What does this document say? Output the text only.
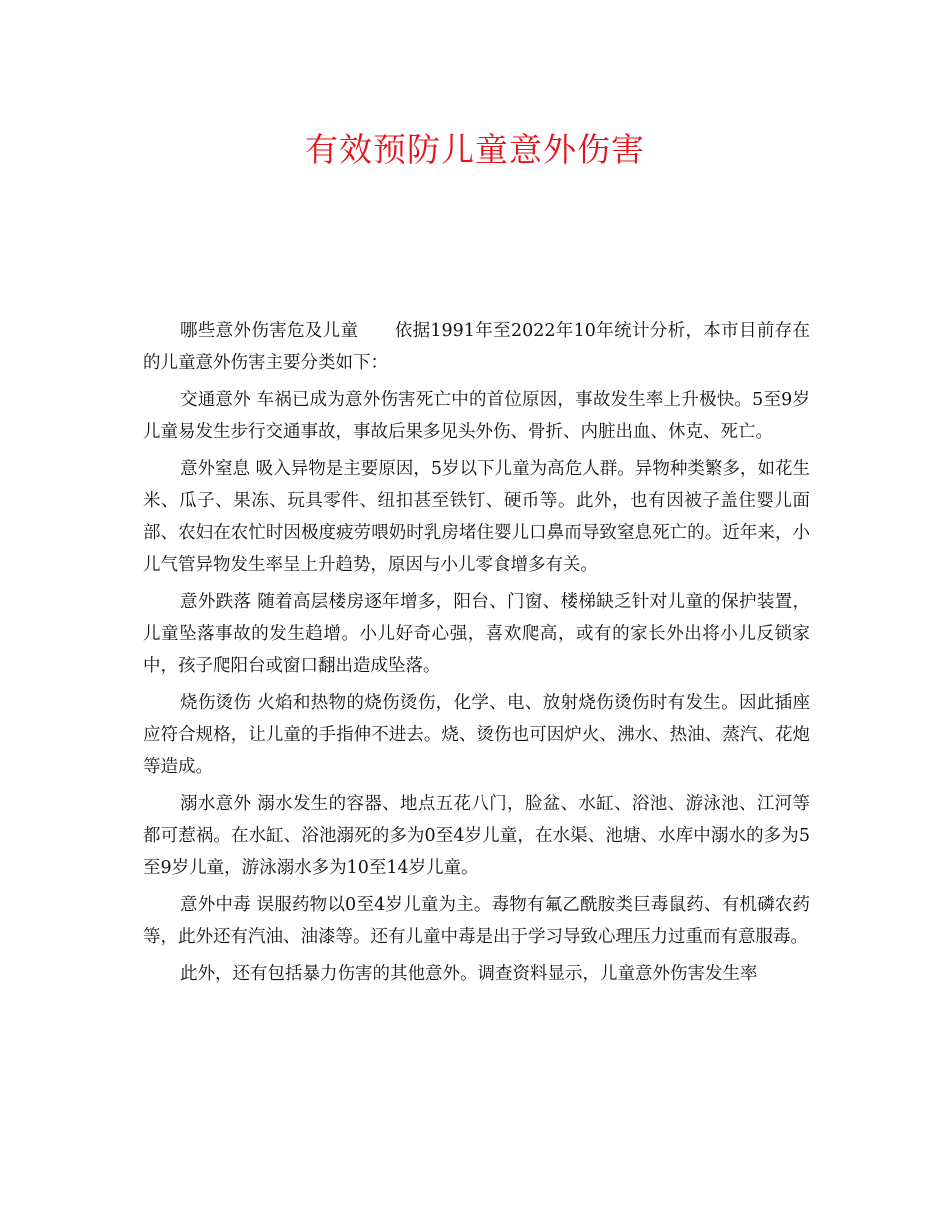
有效预防儿童意外伤害

哪些意外伤害危及儿童 依据1991年至2022年10年统计分析，本市目前存在的儿童意外伤害主要分类如下：

交通意外 车祸已成为意外伤害死亡中的首位原因，事故发生率上升极快。5至9岁儿童易发生步行交通事故，事故后果多见头外伤、骨折、内脏出血、休克、死亡。

意外窒息 吸入异物是主要原因，5岁以下儿童为高危人群。异物种类繁多，如花生米、瓜子、果冻、玩具零件、纽扣甚至铁钉、硬币等。此外，也有因被子盖住婴儿面部、农妇在农忙时因极度疲劳喂奶时乳房堵住婴儿口鼻而导致窒息死亡的。近年来，小儿气管异物发生率呈上升趋势，原因与小儿零食增多有关。

意外跌落 随着高层楼房逐年增多，阳台、门窗、楼梯缺乏针对儿童的保护装置，儿童坠落事故的发生趋增。小儿好奇心强，喜欢爬高，或有的家长外出将小儿反锁家中，孩子爬阳台或窗口翻出造成坠落。

烧伤烫伤 火焰和热物的烧伤烫伤，化学、电、放射烧伤烫伤时有发生。因此插座应符合规格，让儿童的手指伸不进去。烧、烫伤也可因炉火、沸水、热油、蒸汽、花炮等造成。

溺水意外 溺水发生的容器、地点五花八门，脸盆、水缸、浴池、游泳池、江河等都可惹祸。在水缸、浴池溺死的多为0至4岁儿童，在水渠、池塘、水库中溺水的多为5至9岁儿童，游泳溺水多为10至14岁儿童。

意外中毒 误服药物以0至4岁儿童为主。毒物有氟乙酰胺类巨毒鼠药、有机磷农药等，此外还有汽油、油漆等。还有儿童中毒是出于学习导致心理压力过重而有意服毒。

此外，还有包括暴力伤害的其他意外。调查资料显示，儿童意外伤害发生率
